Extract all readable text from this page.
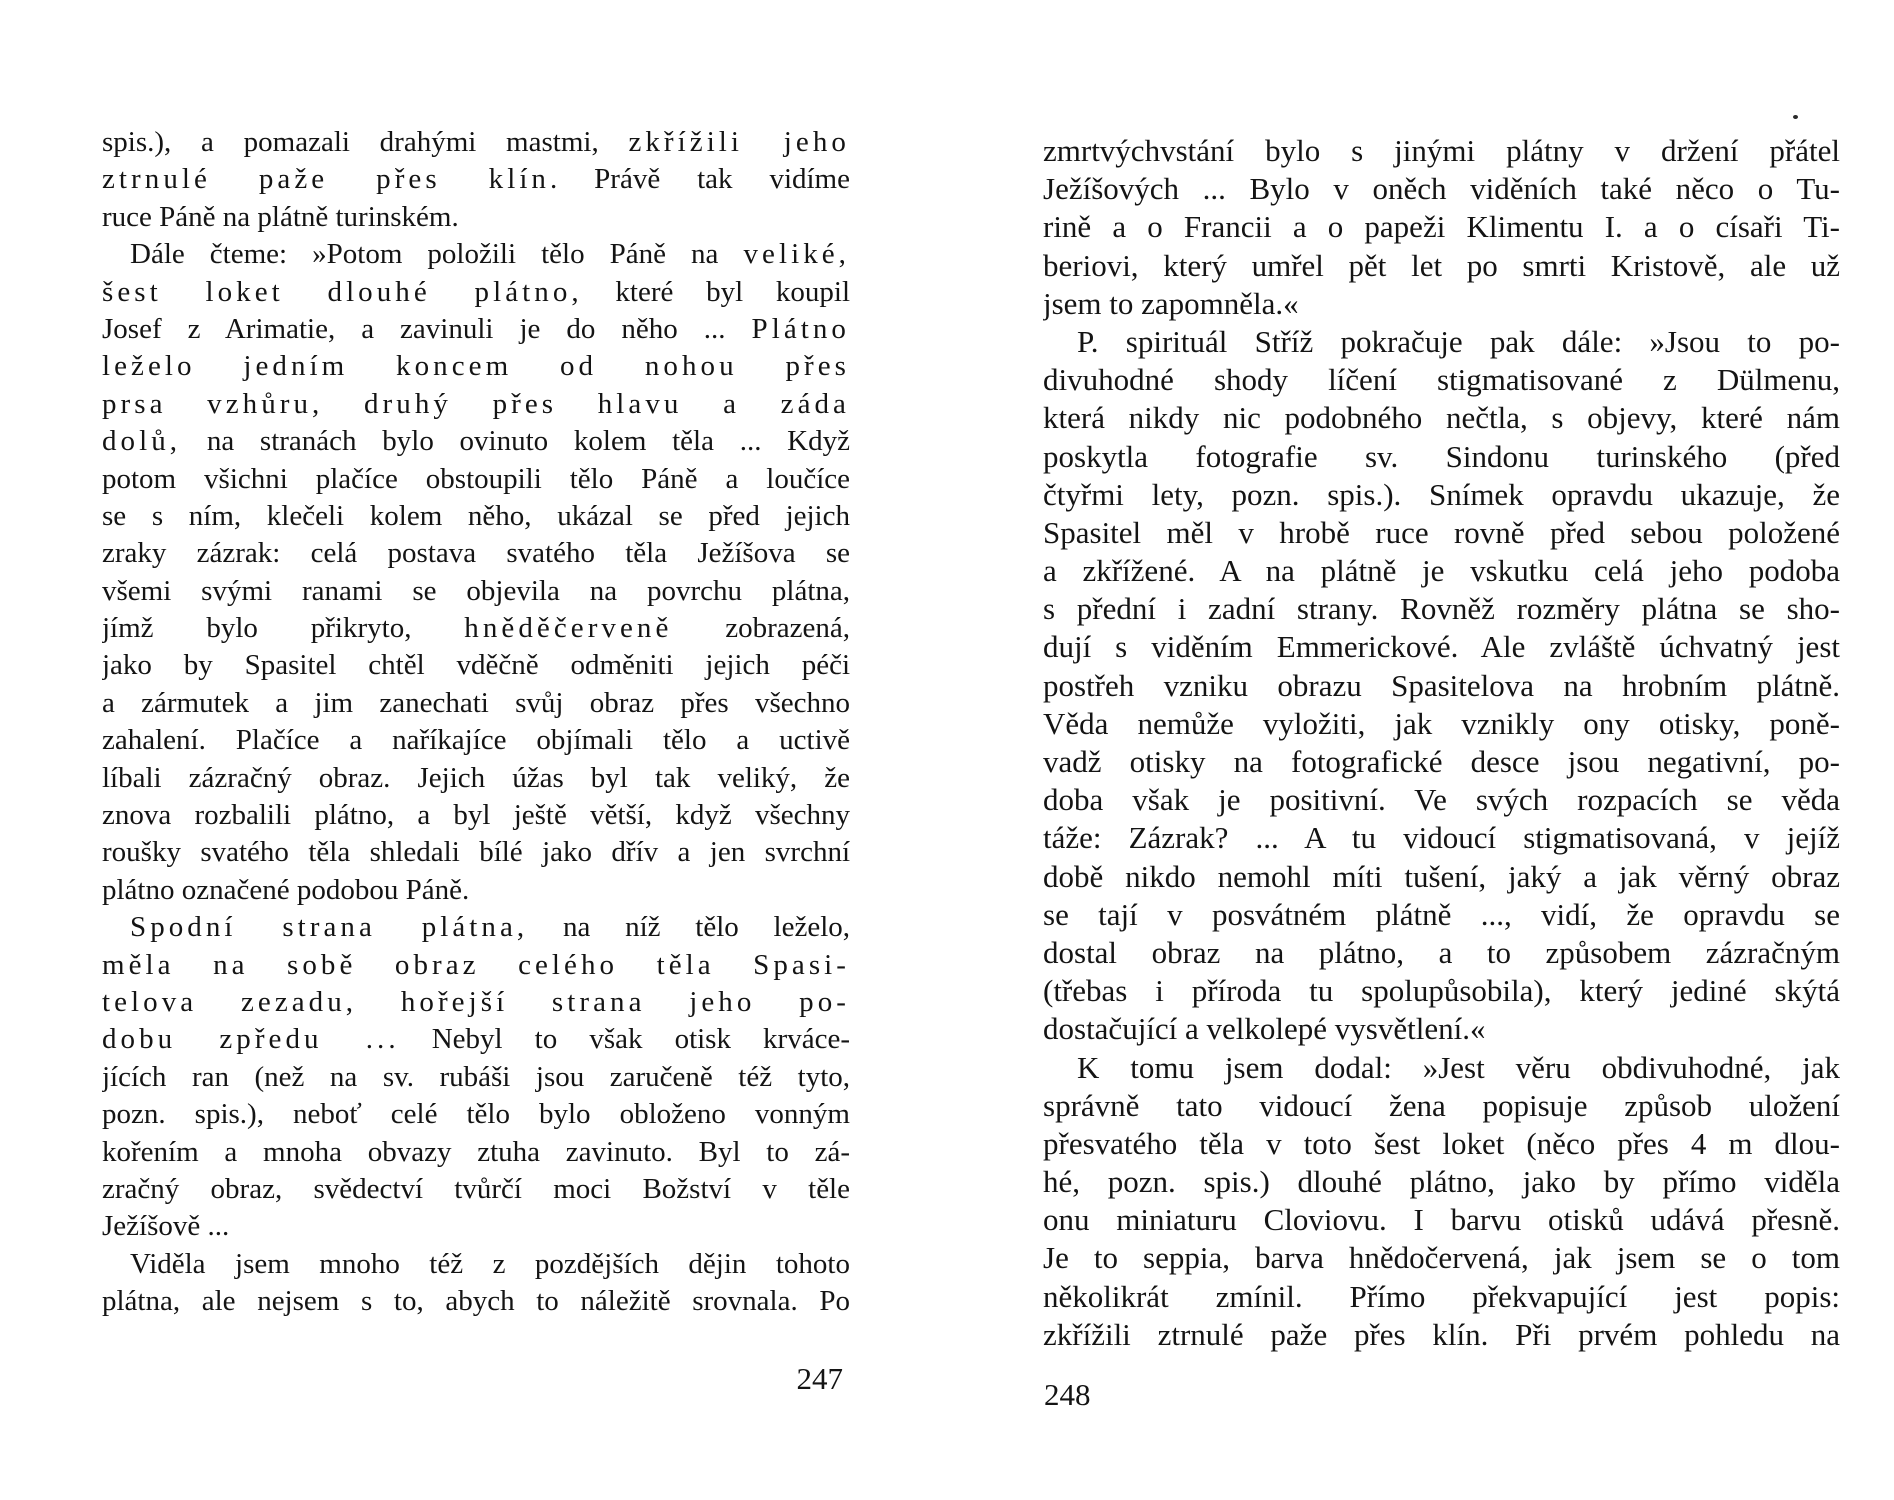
spis.), a pomazali drahými mastmi, zkřížili jeho
ztrnulé paže přes klín. Právě tak vidíme
ruce Páně na plátně turinském.
Dále čteme: »Potom položili tělo Páně na veliké,
šest loket dlouhé plátno, které byl koupil
Josef z Arimatie, a zavinuli je do něho ... Plátno
leželo jedním koncem od nohou přes
prsa vzhůru, druhý přes hlavu a záda
dolů, na stranách bylo ovinuto kolem těla ... Když
potom všichni plačíce obstoupili tělo Páně a loučíce
se s ním, klečeli kolem něho, ukázal se před jejich
zraky zázrak: celá postava svatého těla Ježíšova se
všemi svými ranami se objevila na povrchu plátna,
jímž bylo přikryto, hněděčerveně zobrazená,
jako by Spasitel chtěl vděčně odměniti jejich péči
a zármutek a jim zanechati svůj obraz přes všechno
zahalení. Plačíce a naříkajíce objímali tělo a uctivě
líbali zázračný obraz. Jejich úžas byl tak veliký, že
znova rozbalili plátno, a byl ještě větší, když všechny
roušky svatého těla shledali bílé jako dřív a jen svrchní
plátno označené podobou Páně.
Spodní strana plátna, na níž tělo leželo,
měla na sobě obraz celého těla Spasi-
telova zezadu, hořejší strana jeho po-
dobu zpředu ... Nebyl to však otisk krváce-
jících ran (než na sv. rubáši jsou zaručeně též tyto,
pozn. spis.), neboť celé tělo bylo obloženo vonným
kořením a mnoha obvazy ztuha zavinuto. Byl to zá-
zračný obraz, svědectví tvůrčí moci Božství v těle
Ježíšově ...
Viděla jsem mnoho též z pozdějších dějin tohoto
plátna, ale nejsem s to, abych to náležitě srovnala. Po
zmrtvýchvstání bylo s jinými plátny v držení přátel
Ježíšových ... Bylo v oněch viděních také něco o Tu-
rině a o Francii a o papeži Klimentu I. a o císaři Ti-
beriovi, který umřel pět let po smrti Kristově, ale už
jsem to zapomněla.«
P. spirituál Stříž pokračuje pak dále: »Jsou to po-
divuhodné shody líčení stigmatisované z Dülmenu,
která nikdy nic podobného nečtla, s objevy, které nám
poskytla fotografie sv. Sindonu turinského (před
čtyřmi lety, pozn. spis.). Snímek opravdu ukazuje, že
Spasitel měl v hrobě ruce rovně před sebou položené
a zkřížené. A na plátně je vskutku celá jeho podoba
s přední i zadní strany. Rovněž rozměry plátna se sho-
dují s viděním Emmerickové. Ale zvláště úchvatný jest
postřeh vzniku obrazu Spasitelova na hrobním plátně.
Věda nemůže vyložiti, jak vznikly ony otisky, poně-
vadž otisky na fotografické desce jsou negativní, po-
doba však je positivní. Ve svých rozpacích se věda
táže: Zázrak? ... A tu vidoucí stigmatisovaná, v jejíž
době nikdo nemohl míti tušení, jaký a jak věrný obraz
se tají v posvátném plátně ..., vidí, že opravdu se
dostal obraz na plátno, a to způsobem zázračným
(třebas i příroda tu spolupůsobila), který jediné skýtá
dostačující a velkolepé vysvětlení.«
K tomu jsem dodal: »Jest věru obdivuhodné, jak
správně tato vidoucí žena popisuje způsob uložení
přesvatého těla v toto šest loket (něco přes 4 m dlou-
hé, pozn. spis.) dlouhé plátno, jako by přímo viděla
onu miniaturu Cloviovu. I barvu otisků udává přesně.
Je to seppia, barva hnědočervená, jak jsem se o tom
několikrát zmínil. Přímo překvapující jest popis:
zkřížili ztrnulé paže přes klín. Při prvém pohledu na
247	248
